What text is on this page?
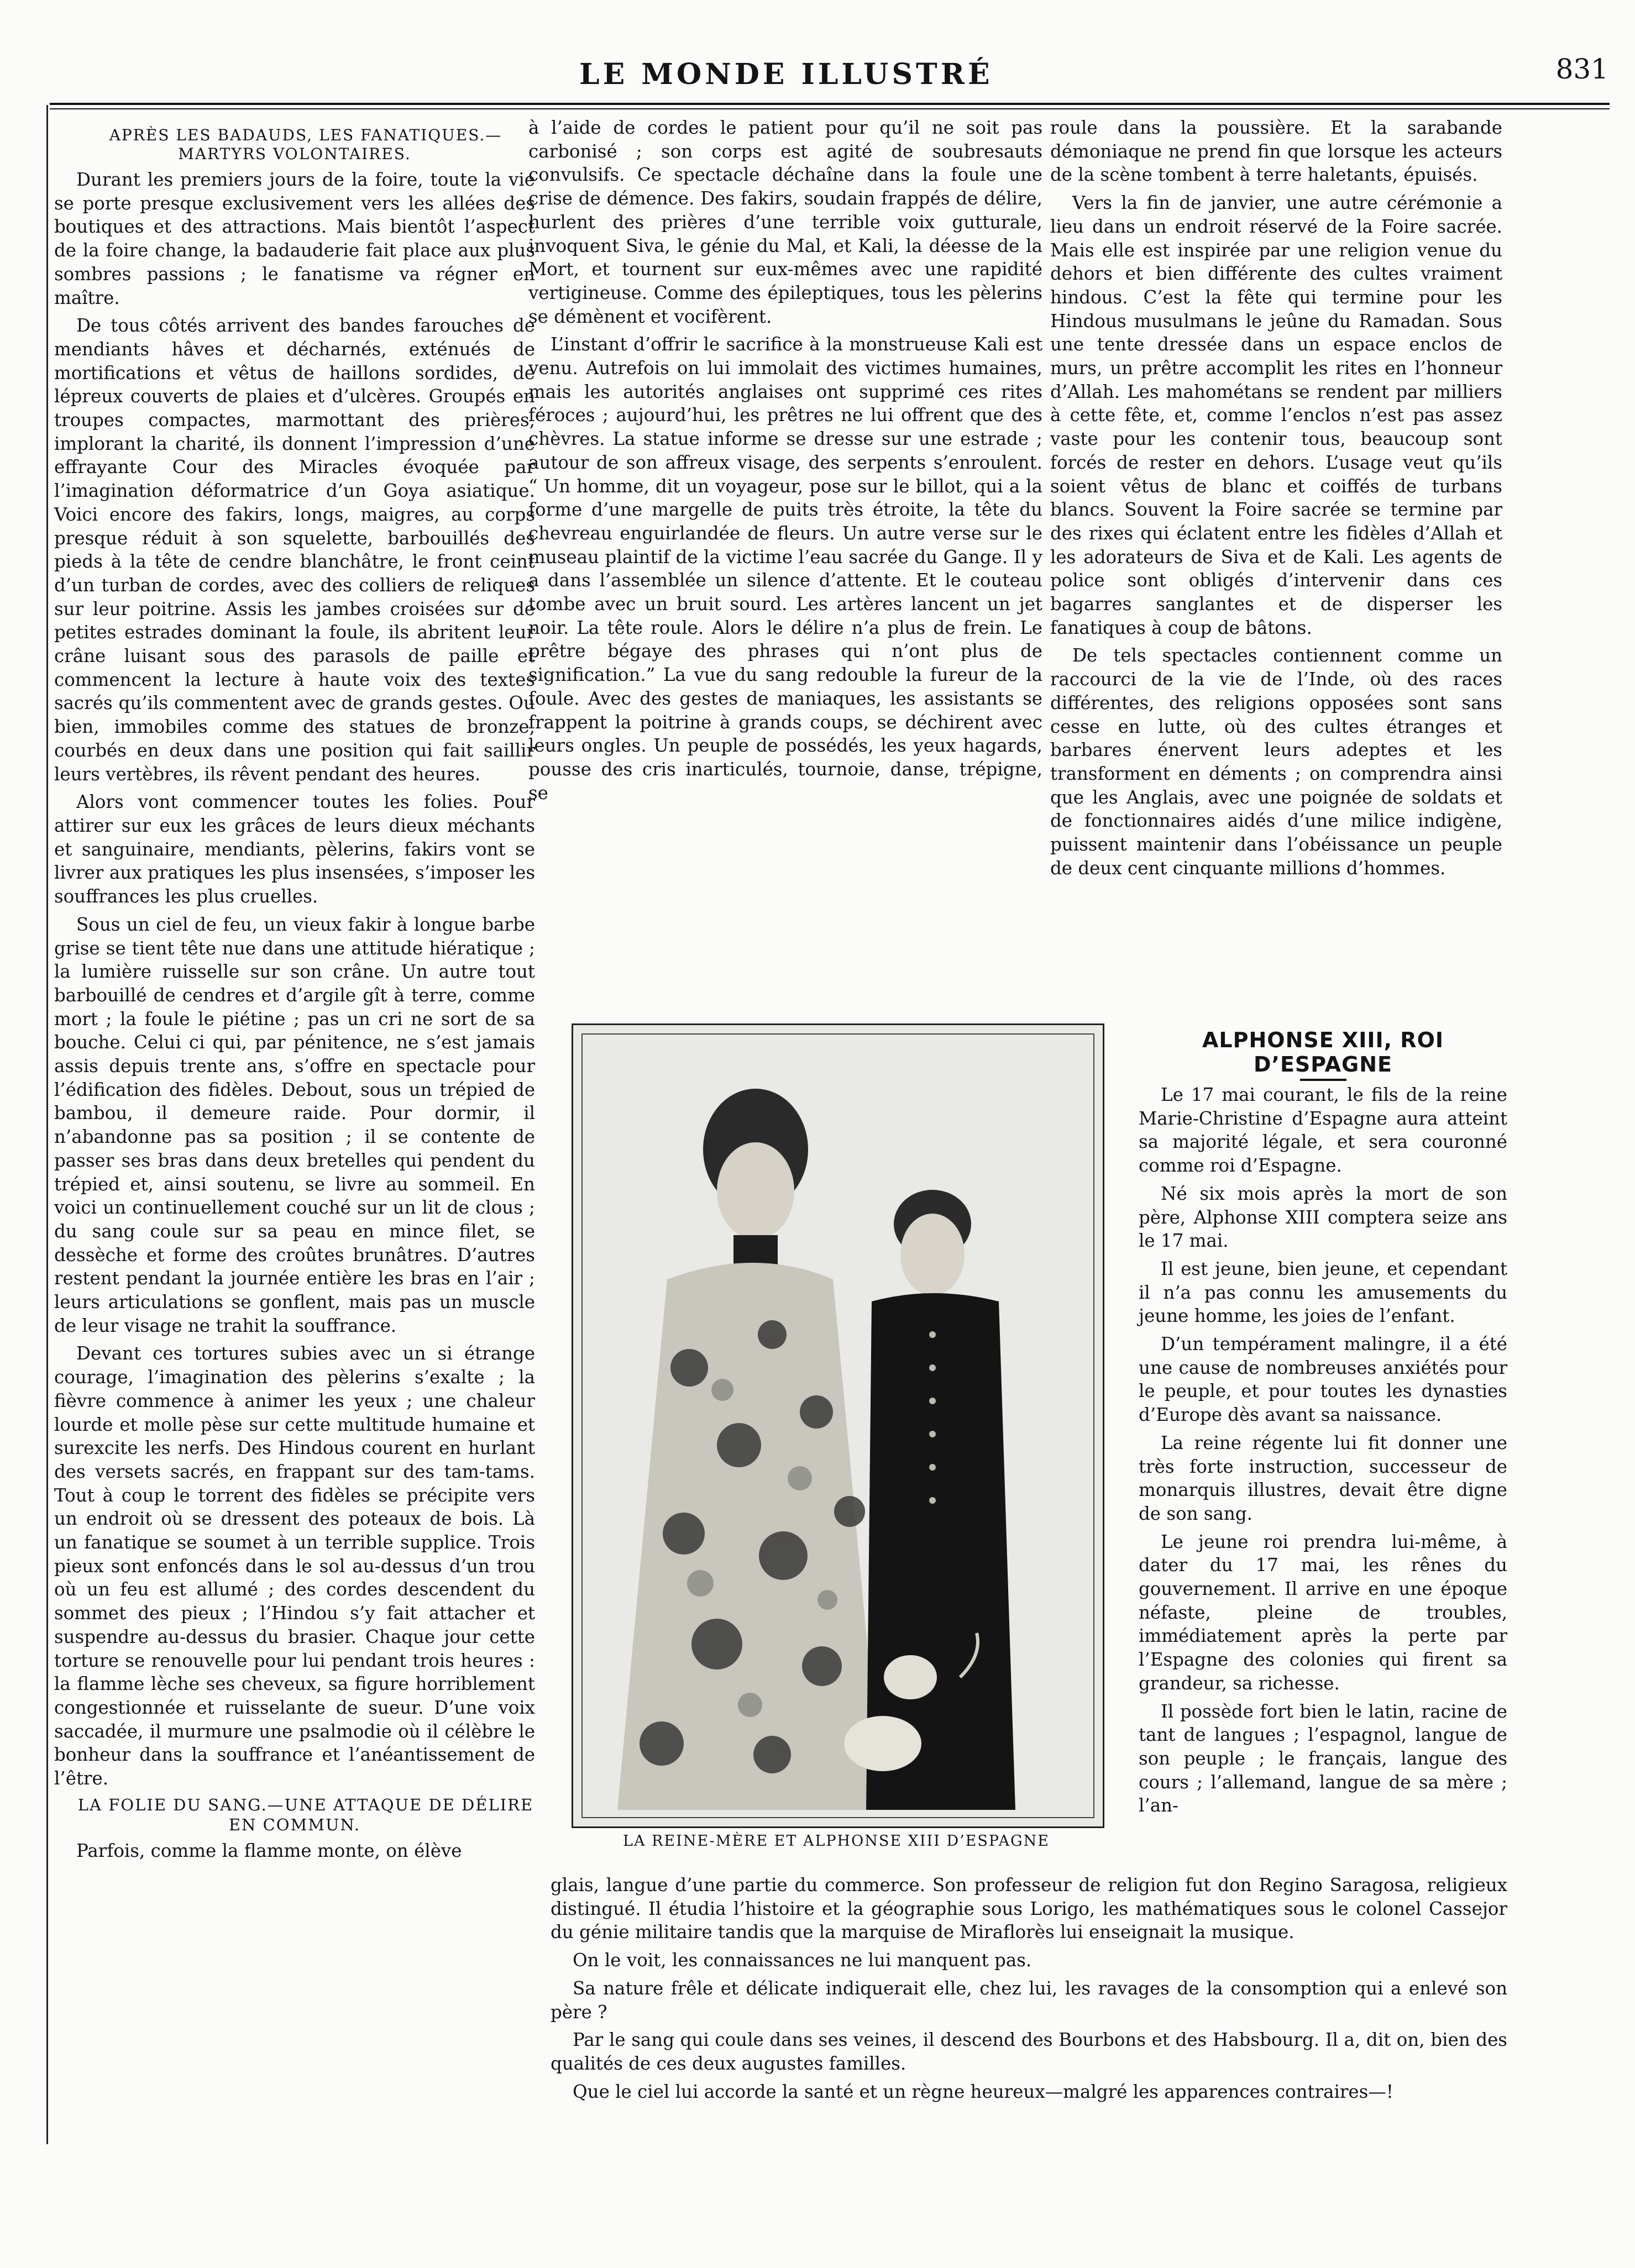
LE MONDE ILLUSTRÉ	831

APRÈS LES BADAUDS, LES FANATIQUES.— MARTYRS VOLONTAIRES.

Durant les premiers jours de la foire, toute la vie se porte presque exclusivement vers les allées des boutiques et des attractions. Mais bientôt l’aspect de la foire change, la badauderie fait place aux plus sombres passions ; le fanatisme va régner en maître.

De tous côtés arrivent des bandes farouches de mendiants hâves et décharnés, exténués de mortifications et vêtus de haillons sordides, de lépreux couverts de plaies et d’ulcères. Groupés en troupes compactes, marmottant des prières, implorant la charité, ils donnent l’impression d’une effrayante Cour des Miracles évoquée par l’imagination déformatrice d’un Goya asiatique. Voici encore des fakirs, longs, maigres, au corps presque réduit à son squelette, barbouillés des pieds à la tête de cendre blanchâtre, le front ceint d’un turban de cordes, avec des colliers de reliques sur leur poitrine. Assis les jambes croisées sur de petites estrades dominant la foule, ils abritent leur crâne luisant sous des parasols de paille et commencent la lecture à haute voix des textes sacrés qu’ils commentent avec de grands gestes. Ou bien, immobiles comme des statues de bronze, courbés en deux dans une position qui fait saillir leurs vertèbres, ils rêvent pendant des heures.

Alors vont commencer toutes les folies. Pour attirer sur eux les grâces de leurs dieux méchants et sanguinaire, mendiants, pèlerins, fakirs vont se livrer aux pratiques les plus insensées, s’imposer les souffrances les plus cruelles.

Sous un ciel de feu, un vieux fakir à longue barbe grise se tient tête nue dans une attitude hiératique ; la lumière ruisselle sur son crâne. Un autre tout barbouillé de cendres et d’argile gît à terre, comme mort ; la foule le piétine ; pas un cri ne sort de sa bouche. Celui ci qui, par pénitence, ne s’est jamais assis depuis trente ans, s’offre en spectacle pour l’édification des fidèles. Debout, sous un trépied de bambou, il demeure raide. Pour dormir, il n’abandonne pas sa position ; il se contente de passer ses bras dans deux bretelles qui pendent du trépied et, ainsi soutenu, se livre au sommeil. En voici un continuellement couché sur un lit de clous ; du sang coule sur sa peau en mince filet, se dessèche et forme des croûtes brunâtres. D’autres restent pendant la journée entière les bras en l’air ; leurs articulations se gonflent, mais pas un muscle de leur visage ne trahit la souffrance.

Devant ces tortures subies avec un si étrange courage, l’imagination des pèlerins s’exalte ; la fièvre commence à animer les yeux ; une chaleur lourde et molle pèse sur cette multitude humaine et surexcite les nerfs. Des Hindous courent en hurlant des versets sacrés, en frappant sur des tam-tams. Tout à coup le torrent des fidèles se précipite vers un endroit où se dressent des poteaux de bois. Là un fanatique se soumet à un terrible supplice. Trois pieux sont enfoncés dans le sol au-dessus d’un trou où un feu est allumé ; des cordes descendent du sommet des pieux ; l’Hindou s’y fait attacher et suspendre au-dessus du brasier. Chaque jour cette torture se renouvelle pour lui pendant trois heures : la flamme lèche ses cheveux, sa figure horriblement congestionnée et ruisselante de sueur. D’une voix saccadée, il murmure une psalmodie où il célèbre le bonheur dans la souffrance et l’anéantissement de l’être.

LA FOLIE DU SANG.—UNE ATTAQUE DE DÉLIRE EN COMMUN.

Parfois, comme la flamme monte, on élève

à l’aide de cordes le patient pour qu’il ne soit pas carbonisé ; son corps est agité de soubresauts convulsifs. Ce spectacle déchaîne dans la foule une crise de démence. Des fakirs, soudain frappés de délire, hurlent des prières d’une terrible voix gutturale, invoquent Siva, le génie du Mal, et Kali, la déesse de la Mort, et tournent sur eux-mêmes avec une rapidité vertigineuse. Comme des épileptiques, tous les pèlerins se démènent et vocifèrent.

L’instant d’offrir le sacrifice à la monstrueuse Kali est venu. Autrefois on lui immolait des victimes humaines, mais les autorités anglaises ont supprimé ces rites féroces ; aujourd’hui, les prêtres ne lui offrent que des chèvres. La statue informe se dresse sur une estrade ; autour de son affreux visage, des serpents s’enroulent. “ Un homme, dit un voyageur, pose sur le billot, qui a la forme d’une margelle de puits très étroite, la tête du chevreau enguirlandée de fleurs. Un autre verse sur le museau plaintif de la victime l’eau sacrée du Gange. Il y a dans l’assemblée un silence d’attente. Et le couteau tombe avec un bruit sourd. Les artères lancent un jet noir. La tête roule. Alors le délire n’a plus de frein. Le prêtre bégaye des phrases qui n’ont plus de signification.” La vue du sang redouble la fureur de la foule. Avec des gestes de maniaques, les assistants se frappent la poitrine à grands coups, se déchirent avec leurs ongles. Un peuple de possédés, les yeux hagards, pousse des cris inarticulés, tournoie, danse, trépigne, se

roule dans la poussière. Et la sarabande démoniaque ne prend fin que lorsque les acteurs de la scène tombent à terre haletants, épuisés.

Vers la fin de janvier, une autre cérémonie a lieu dans un endroit réservé de la Foire sacrée. Mais elle est inspirée par une religion venue du dehors et bien différente des cultes vraiment hindous. C’est la fête qui termine pour les Hindous musulmans le jeûne du Ramadan. Sous une tente dressée dans un espace enclos de murs, un prêtre accomplit les rites en l’honneur d’Allah. Les mahométans se rendent par milliers à cette fête, et, comme l’enclos n’est pas assez vaste pour les contenir tous, beaucoup sont forcés de rester en dehors. L’usage veut qu’ils soient vêtus de blanc et coiffés de turbans blancs. Souvent la Foire sacrée se termine par des rixes qui éclatent entre les fidèles d’Allah et les adorateurs de Siva et de Kali. Les agents de police sont obligés d’intervenir dans ces bagarres sanglantes et de disperser les fanatiques à coup de bâtons.

De tels spectacles contiennent comme un raccourci de la vie de l’Inde, où des races différentes, des religions opposées sont sans cesse en lutte, où des cultes étranges et barbares énervent leurs adeptes et les transforment en déments ; on comprendra ainsi que les Anglais, avec une poignée de soldats et de fonctionnaires aidés d’une milice indigène, puissent maintenir dans l’obéissance un peuple de deux cent cinquante millions d’hommes.

LA REINE-MÈRE ET ALPHONSE XIII D’ESPAGNE
ALPHONSE XIII, ROI D’ESPAGNE

Le 17 mai courant, le fils de la reine Marie-Christine d’Espagne aura atteint sa majorité légale, et sera couronné comme roi d’Espagne.

Né six mois après la mort de son père, Alphonse XIII comptera seize ans le 17 mai.

Il est jeune, bien jeune, et cependant il n’a pas connu les amusements du jeune homme, les joies de l’enfant.

D’un tempérament malingre, il a été une cause de nombreuses anxiétés pour le peuple, et pour toutes les dynasties d’Europe dès avant sa naissance.

La reine régente lui fit donner une très forte instruction, successeur de monarquis illustres, devait être digne de son sang.

Le jeune roi prendra lui-même, à dater du 17 mai, les rênes du gouvernement. Il arrive en une époque néfaste, pleine de troubles, immédiatement après la perte par l’Espagne des colonies qui firent sa grandeur, sa richesse.

Il possède fort bien le latin, racine de tant de langues ; l’espagnol, langue de son peuple ; le français, langue des cours ; l’allemand, langue de sa mère ; l’an-

glais, langue d’une partie du commerce. Son professeur de religion fut don Regino Saragosa, religieux distingué. Il étudia l’histoire et la géographie sous Lorigo, les mathématiques sous le colonel Cassejor du génie militaire tandis que la marquise de Miraflorès lui enseignait la musique.

On le voit, les connaissances ne lui manquent pas.

Sa nature frêle et délicate indiquerait elle, chez lui, les ravages de la consomption qui a enlevé son père ?

Par le sang qui coule dans ses veines, il descend des Bourbons et des Habsbourg. Il a, dit on, bien des qualités de ces deux augustes familles.

Que le ciel lui accorde la santé et un règne heureux—malgré les apparences contraires—!
